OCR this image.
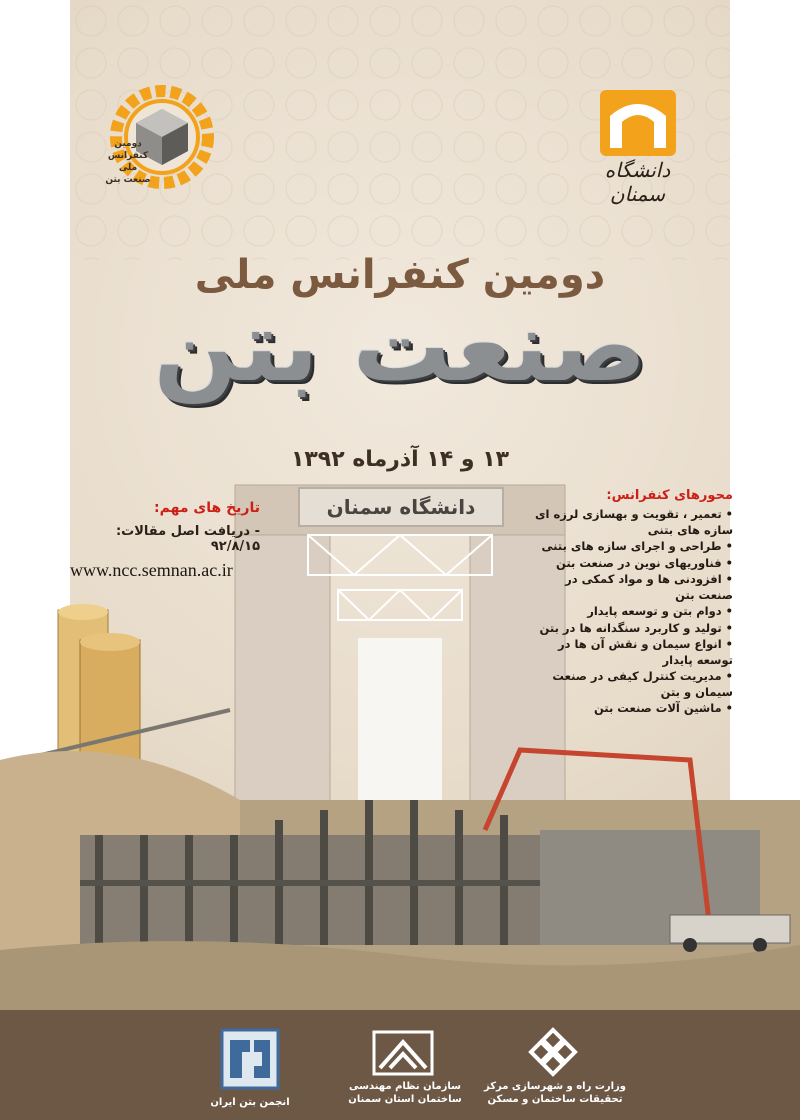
دومین
کنفرانس ملی
صنعت بتن	دانشگاه سمنان
دومین کنفرانس ملی
صنعت بتن
۱۳ و ۱۴ آذرماه ۱۳۹۲
دانشگاه سمنان
تاریخ های مهم:
- دریافت اصل مقالات: ۹۲/۸/۱۵
www.ncc.semnan.ac.ir
محورهای کنفرانس:
• تعمیر ، تقویت و بهسازی لرزه ای سازه های بتنی
• طراحی و اجرای سازه های بتنی
• فناوریهای نوین در صنعت بتن
• افزودنی ها و مواد کمکی در صنعت بتن
• دوام بتن و توسعه پایدار
• تولید و کاربرد سنگدانه ها در بتن
• انواع سیمان و نقش آن ها در توسعه پایدار
• مدیریت کنترل کیفی در صنعت سیمان و بتن
• ماشین آلات صنعت بتن
انجمن بتن ایران
سازمان نظام مهندسی ساختمان استان سمنان
وزارت راه و شهرسازی مرکز تحقیقات ساختمان و مسکن
